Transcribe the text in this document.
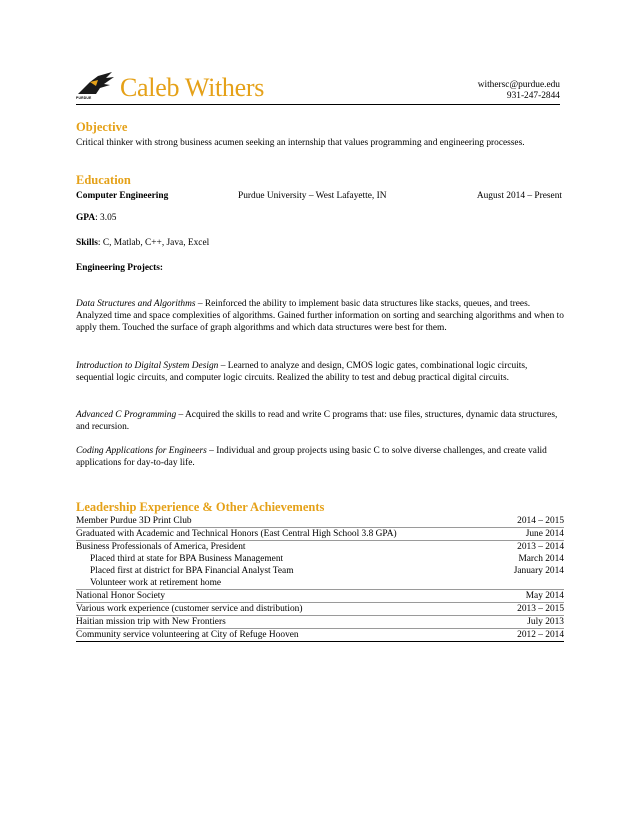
PURDUE Caleb Withers	withersc@purdue.edu
931-247-2844
Objective
Critical thinker with strong business acumen seeking an internship that values programming and engineering processes.
Education
Computer Engineering	Purdue University – West Lafayette, IN	August 2014 – Present
GPA: 3.05
Skills: C, Matlab, C++, Java, Excel
Engineering Projects:
Data Structures and Algorithms – Reinforced the ability to implement basic data structures like stacks, queues, and trees. Analyzed time and space complexities of algorithms. Gained further information on sorting and searching algorithms and when to apply them. Touched the surface of graph algorithms and which data structures were best for them.
Introduction to Digital System Design – Learned to analyze and design, CMOS logic gates, combinational logic circuits, sequential logic circuits, and computer logic circuits. Realized the ability to test and debug practical digital circuits.
Advanced C Programming – Acquired the skills to read and write C programs that: use files, structures, dynamic data structures, and recursion.
Coding Applications for Engineers – Individual and group projects using basic C to solve diverse challenges, and create valid applications for day-to-day life.
Leadership Experience & Other Achievements
Member Purdue 3D Print Club	2014 – 2015
Graduated with Academic and Technical Honors (East Central High School 3.8 GPA)	June 2014
Business Professionals of America, President	2013 – 2014
Placed third at state for BPA Business Management	March 2014
Placed first at district for BPA Financial Analyst Team	January 2014
Volunteer work at retirement home
National Honor Society	May 2014
Various work experience (customer service and distribution)	2013 – 2015
Haitian mission trip with New Frontiers	July 2013
Community service volunteering at City of Refuge Hooven	2012 – 2014
